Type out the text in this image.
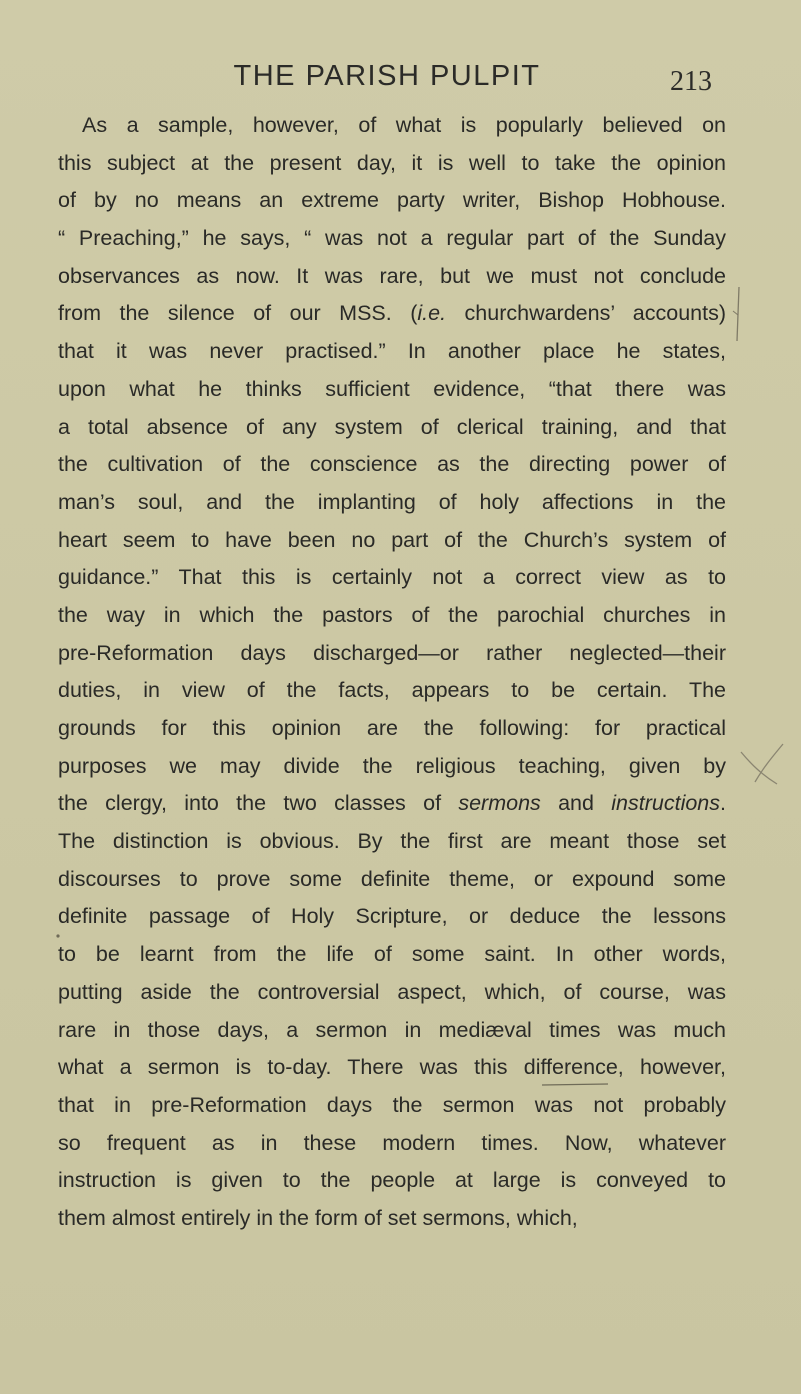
THE PARISH PULPIT	213
As a sample, however, of what is popularly believed on
this subject at the present day, it is well to take the opinion
of by no means an extreme party writer, Bishop Hobhouse.
“ Preaching,” he says, “ was not a regular part of the Sunday
observances as now. It was rare, but we must not conclude
from the silence of our MSS. (i.e. churchwardens’ accounts)
that it was never practised.” In another place he states,
upon what he thinks sufficient evidence, “that there was
a total absence of any system of clerical training, and that
the cultivation of the conscience as the directing power of
man’s soul, and the implanting of holy affections in the
heart seem to have been no part of the Church’s system of
guidance.” That this is certainly not a correct view as to
the way in which the pastors of the parochial churches in
pre-Reformation days discharged—or rather neglected—their
duties, in view of the facts, appears to be certain. The
grounds for this opinion are the following: for practical
purposes we may divide the religious teaching, given by
the clergy, into the two classes of sermons and instructions.
The distinction is obvious. By the first are meant those set
discourses to prove some definite theme, or expound some
definite passage of Holy Scripture, or deduce the lessons
to be learnt from the life of some saint. In other words,
putting aside the controversial aspect, which, of course, was
rare in those days, a sermon in mediæval times was much
what a sermon is to-day. There was this difference, however,
that in pre-Reformation days the sermon was not probably
so frequent as in these modern times. Now, whatever
instruction is given to the people at large is conveyed to
them almost entirely in the form of set sermons, which,
